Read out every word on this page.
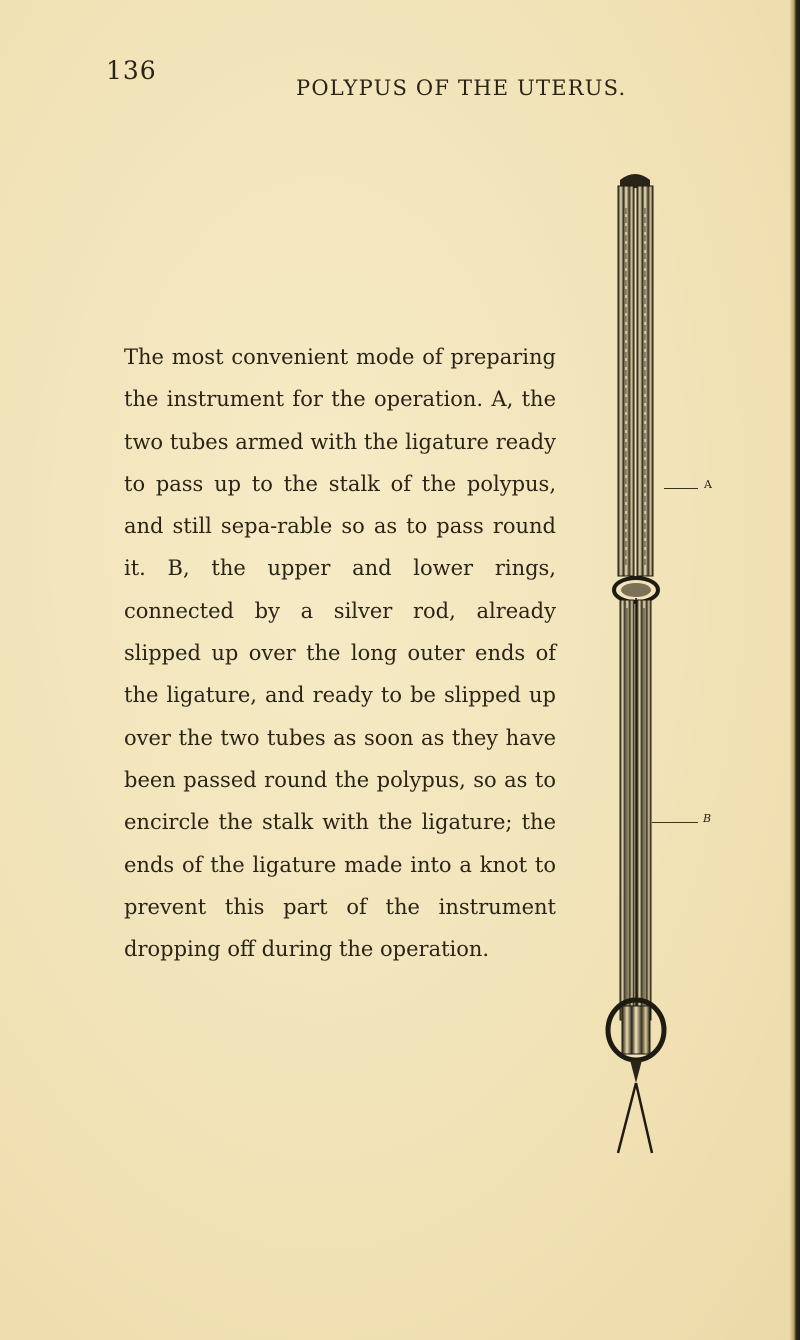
136
POLYPUS OF THE UTERUS.
The most convenient mode of preparing the instrument for the operation. A, the two tubes armed with the ligature ready to pass up to the stalk of the polypus, and still sepa-rable so as to pass round it. B, the upper and lower rings, connected by a silver rod, already slipped up over the long outer ends of the ligature, and ready to be slipped up over the two tubes as soon as they have been passed round the polypus, so as to encircle the stalk with the ligature; the ends of the ligature made into a knot to prevent this part of the instrument dropping off during the operation.
A
B
